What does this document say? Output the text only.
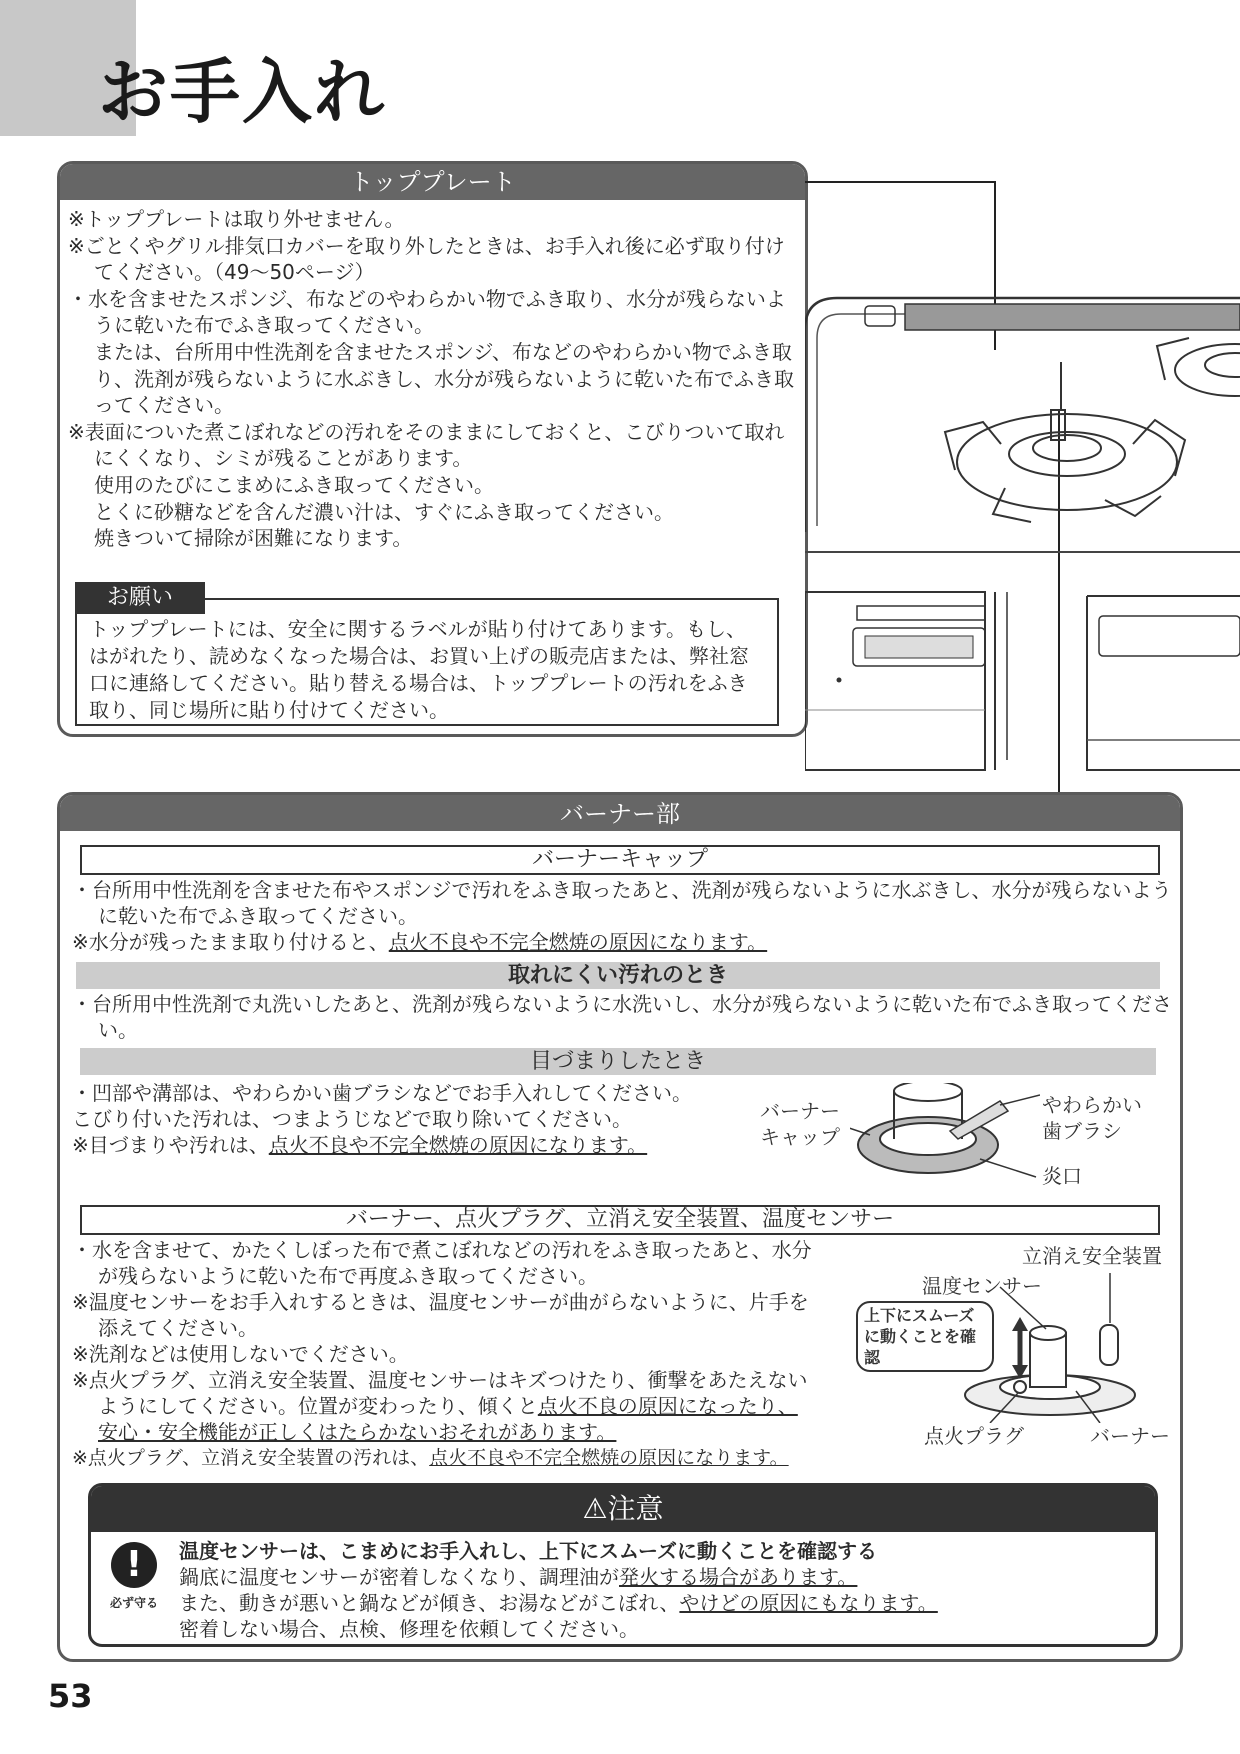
お手入れ
トッププレート

※トッププレートは取り外せません。

※ごとくやグリル排気口カバーを取り外したときは、お手入れ後に必ず取り付けてください。（49〜50ページ）

・水を含ませたスポンジ、布などのやわらかい物でふき取り、水分が残らないように乾いた布でふき取ってください。

または、台所用中性洗剤を含ませたスポンジ、布などのやわらかい物でふき取り、洗剤が残らないように水ぶきし、水分が残らないように乾いた布でふき取ってください。

※表面についた煮こぼれなどの汚れをそのままにしておくと、こびりついて取れにくくなり、シミが残ることがあります。

使用のたびにこまめにふき取ってください。

とくに砂糖などを含んだ濃い汁は、すぐにふき取ってください。

焼きついて掃除が困難になります。

お願い
トッププレートには、安全に関するラベルが貼り付けてあります。もし、はがれたり、読めなくなった場合は、お買い上げの販売店または、弊社窓口に連絡してください。貼り替える場合は、トッププレートの汚れをふき取り、同じ場所に貼り付けてください。
バーナー部
バーナーキャップ

・台所用中性洗剤を含ませた布やスポンジで汚れをふき取ったあと、洗剤が残らないように水ぶきし、水分が残らないように乾いた布でふき取ってください。

※水分が残ったまま取り付けると、点火不良や不完全燃焼の原因になります。

取れにくい汚れのとき

・台所用中性洗剤で丸洗いしたあと、洗剤が残らないように水洗いし、水分が残らないように乾いた布でふき取ってください。

目づまりしたとき

・凹部や溝部は、やわらかい歯ブラシなどでお手入れしてください。

こびり付いた汚れは、つまようじなどで取り除いてください。

※目づまりや汚れは、点火不良や不完全燃焼の原因になります。

バーナーキャップ
やわらかい歯ブラシ
炎口
バーナー、点火プラグ、立消え安全装置、温度センサー

・水を含ませて、かたくしぼった布で煮こぼれなどの汚れをふき取ったあと、水分が残らないように乾いた布で再度ふき取ってください。

※温度センサーをお手入れするときは、温度センサーが曲がらないように、片手を添えてください。

※洗剤などは使用しないでください。

※点火プラグ、立消え安全装置、温度センサーはキズつけたり、衝撃をあたえないようにしてください。位置が変わったり、傾くと点火不良の原因になったり、安心・安全機能が正しくはたらかないおそれがあります。

※点火プラグ、立消え安全装置の汚れは、点火不良や不完全燃焼の原因になります。

立消え安全装置
温度センサー
上下にスムーズに動くことを確認
点火プラグ	バーナー
⚠注意
!
必ず守る
温度センサーは、こまめにお手入れし、上下にスムーズに動くことを確認する
鍋底に温度センサーが密着しなくなり、調理油が発火する場合があります。
また、動きが悪いと鍋などが傾き、お湯などがこぼれ、やけどの原因にもなります。
密着しない場合、点検、修理を依頼してください。
53
